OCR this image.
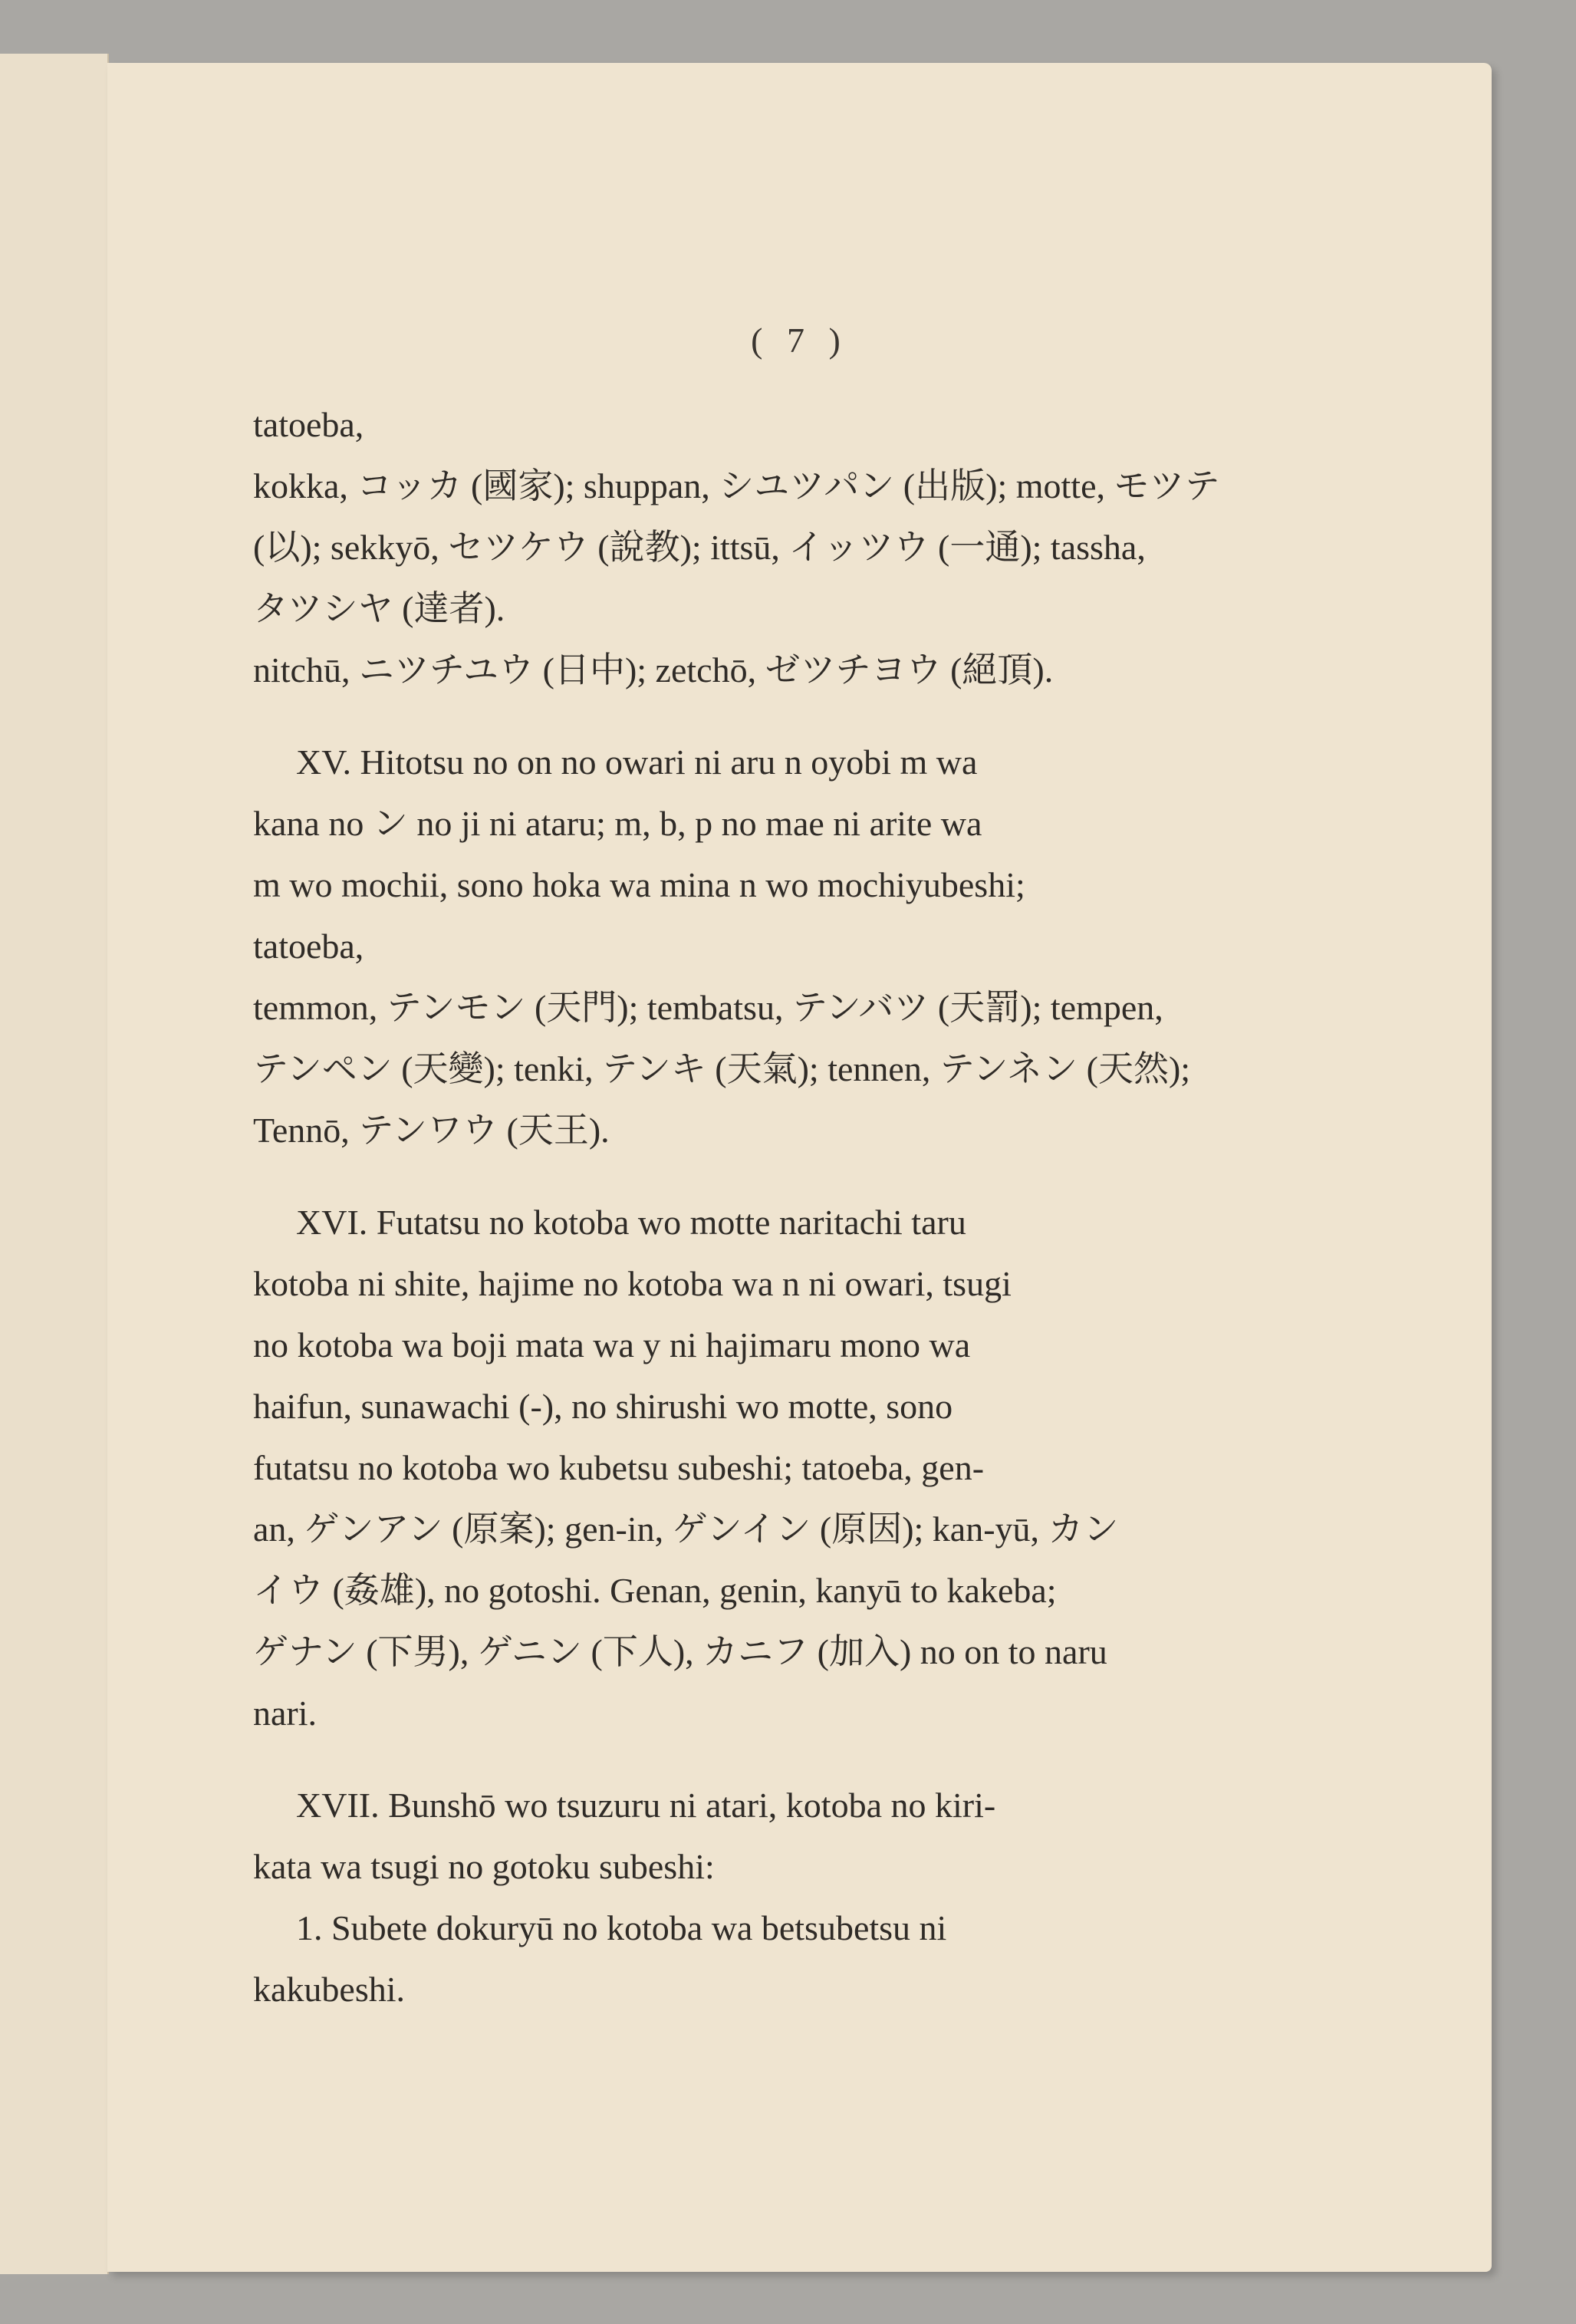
( 7 )

tatoeba,

kokka, コッカ (國家); shuppan, シユツパン (出版); motte, モツテ

(以); sekkyō, セツケウ (說教); ittsū, イッツウ (一通); tassha,

タツシヤ (達者).

nitchū, ニツチユウ (日中); zetchō, ゼツチヨウ (絕頂).

XV. Hitotsu no on no owari ni aru n oyobi m wa

kana no ン no ji ni ataru; m, b, p no mae ni arite wa

m wo mochii, sono hoka wa mina n wo mochiyubeshi;

tatoeba,

temmon, テンモン (天門); tembatsu, テンバツ (天罰); tempen,

テンペン (天變); tenki, テンキ (天氣); tennen, テンネン (天然);

Tennō, テンワウ (天王).

XVI. Futatsu no kotoba wo motte naritachi taru

kotoba ni shite, hajime no kotoba wa n ni owari, tsugi

no kotoba wa boji mata wa y ni hajimaru mono wa

haifun, sunawachi (-), no shirushi wo motte, sono

futatsu no kotoba wo kubetsu subeshi; tatoeba, gen-

an, ゲンアン (原案); gen-in, ゲンイン (原因); kan-yū, カン

イウ (姦雄), no gotoshi. Genan, genin, kanyū to kakeba;

ゲナン (下男), ゲニン (下人), カニフ (加入) no on to naru

nari.

XVII. Bunshō wo tsuzuru ni atari, kotoba no kiri-

kata wa tsugi no gotoku subeshi:

1. Subete dokuryū no kotoba wa betsubetsu ni

kakubeshi.
